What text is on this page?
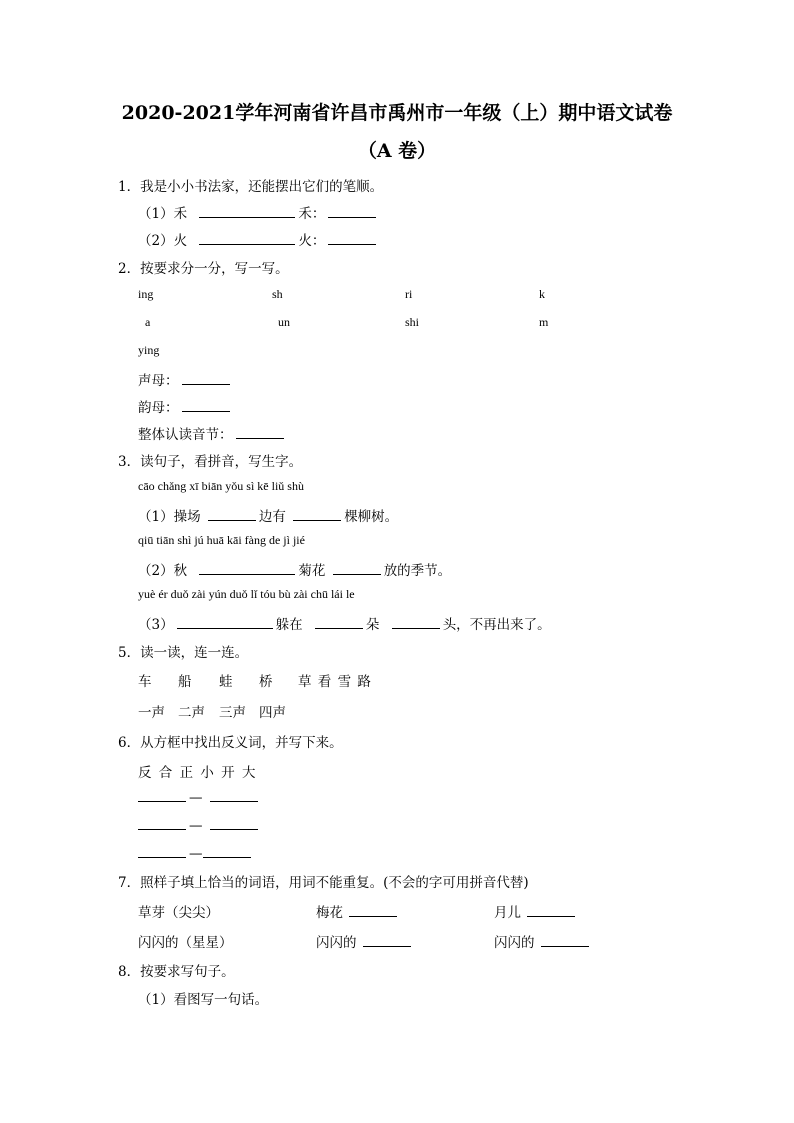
2020-2021学年河南省许昌市禹州市一年级（上）期中语文试卷
（A 卷）
1．我是小小书法家，还能摆出它们的笔顺。
（1）禾	禾：
（2）火	火：
2．按要求分一分，写一写。
ing	sh	ri	k
a	un	shi	m
ying
声母：
韵母：
整体认读音节：
3．读句子，看拼音，写生字。
cāo chǎng xī biān yǒu sì kē liǔ shù
（1）操场	边有	棵柳树。
qiū tiān shì jú huā kāi fàng de jì jié
（2）秋	菊花	放的季节。
yuè ér duǒ zài yún duǒ lǐ tóu bù zài chū lái le
（3）	躲在	朵	头，不再出来了。
5．读一读，连一连。
车 船 蛙 桥 草 看 雪 路
一声 二声 三声 四声
6．从方框中找出反义词，并写下来。
反 合 正 小 开 大
—
—
—
7．照样子填上恰当的词语，用词不能重复。(不会的字可用拼音代替)
草芽（尖尖）	梅花	月儿
闪闪的（星星）	闪闪的	闪闪的
8．按要求写句子。
（1）看图写一句话。
